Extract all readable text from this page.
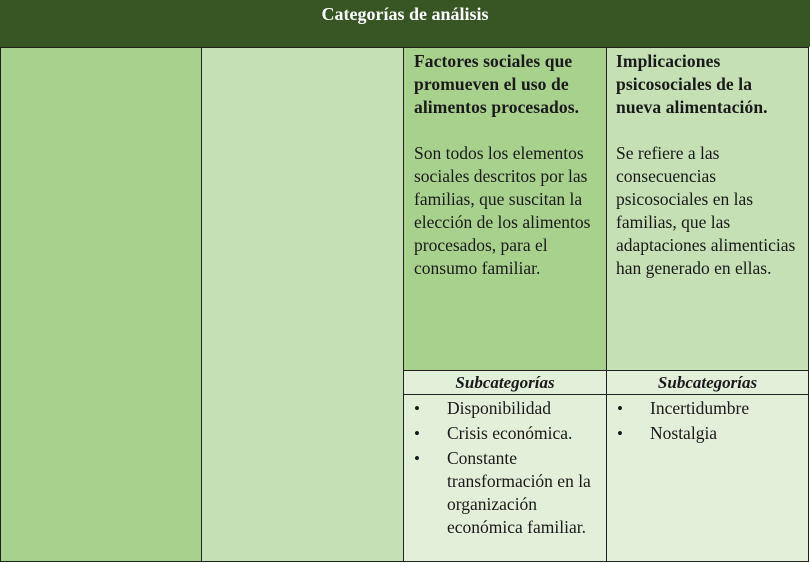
Categorías de análisis
Factores sociales que promueven el uso de alimentos procesados.
Son todos los elementos sociales descritos por las familias, que suscitan la elección de los alimentos procesados, para el consumo familiar.
Implicaciones psicosociales de la nueva alimentación.
Se refiere a las consecuencias psicosociales en las familias, que las adaptaciones alimenticias han generado en ellas.
Subcategorías	Subcategorías
• Disponibilidad
• Crisis económica.
• Constante transformación en la organización económica familiar.
• Incertidumbre
• Nostalgia
